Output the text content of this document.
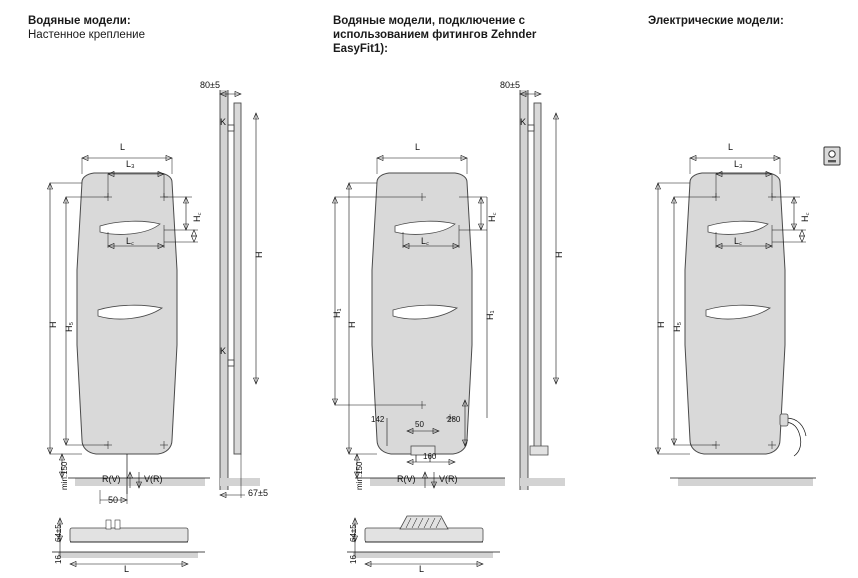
Водяные модели:
Настенное крепление
Водяные модели, подключение с
использованием фитингов Zehnder
EasyFit1):
Электрические модели:
L
L₃
L꜀
H꜀
H H₅
min.150
50
80±5
K
K
H
67±5
L
L꜀
H꜀
H
H₁	H₁
min.150
142
50
280
160
80±5
K
H
L
L₃
L꜀
H꜀
H H₅
R(V)	V(R)
64±5
16
L
R(V)	V(R)
64±5
16
L
